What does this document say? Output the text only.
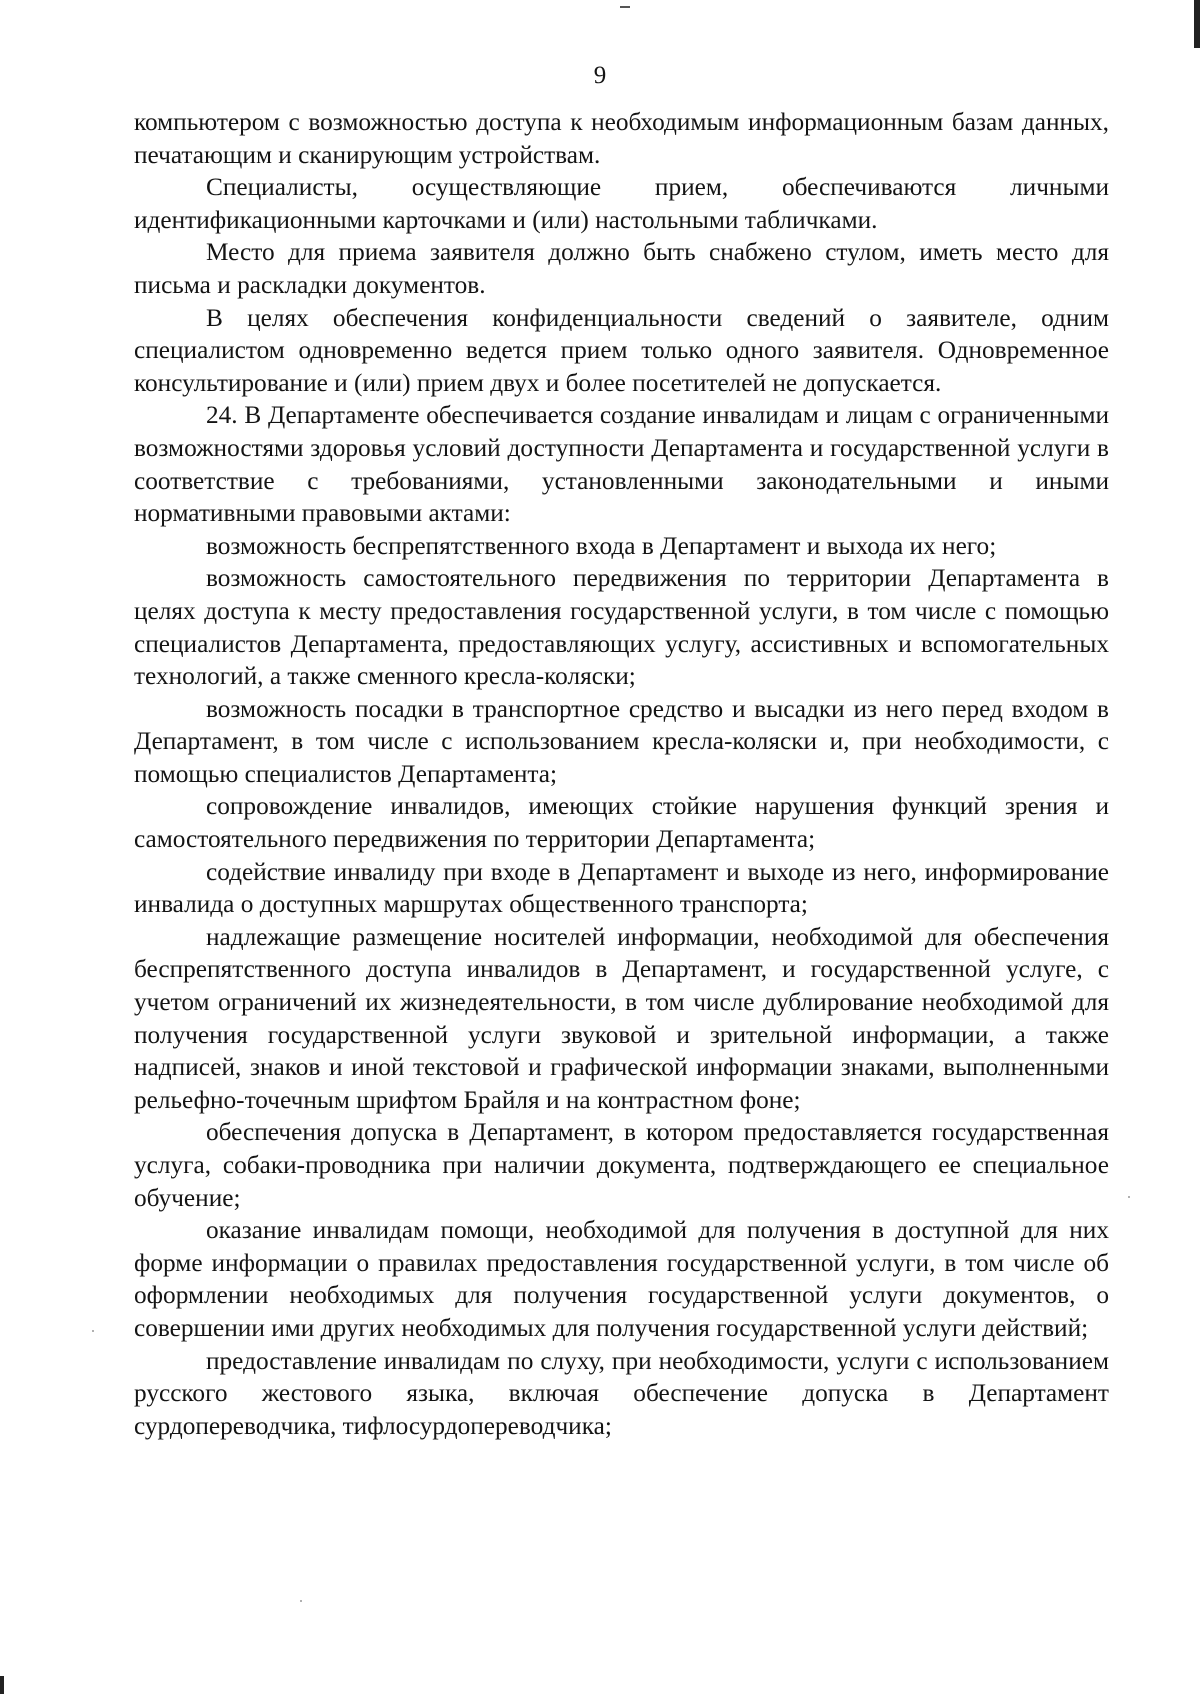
9

компьютером с возможностью доступа к необходимым информационным базам данных, печатающим и сканирующим устройствам.

Специалисты, осуществляющие прием, обеспечиваются личными идентификационными карточками и (или) настольными табличками.

Место для приема заявителя должно быть снабжено стулом, иметь место для письма и раскладки документов.

В целях обеспечения конфиденциальности сведений о заявителе, одним специалистом одновременно ведется прием только одного заявителя. Одновременное консультирование и (или) прием двух и более посетителей не допускается.

24. В Департаменте обеспечивается создание инвалидам и лицам с ограниченными возможностями здоровья условий доступности Департамента и государственной услуги в соответствие с требованиями, установленными законодательными и иными нормативными правовыми актами:

возможность беспрепятственного входа в Департамент и выхода их него;

возможность самостоятельного передвижения по территории Департамента в целях доступа к месту предоставления государственной услуги, в том числе с помощью специалистов Департамента, предоставляющих услугу, ассистивных и вспомогательных технологий, а также сменного кресла-коляски;

возможность посадки в транспортное средство и высадки из него перед входом в Департамент, в том числе с использованием кресла-коляски и, при необходимости, с помощью специалистов Департамента;

сопровождение инвалидов, имеющих стойкие нарушения функций зрения и самостоятельного передвижения по территории Департамента;

содействие инвалиду при входе в Департамент и выходе из него, информирование инвалида о доступных маршрутах общественного транспорта;

надлежащие размещение носителей информации, необходимой для обеспечения беспрепятственного доступа инвалидов в Департамент, и государственной услуге, с учетом ограничений их жизнедеятельности, в том числе дублирование необходимой для получения государственной услуги звуковой и зрительной информации, а также надписей, знаков и иной текстовой и графической информации знаками, выполненными рельефно-точечным шрифтом Брайля и на контрастном фоне;

обеспечения допуска в Департамент, в котором предоставляется государственная услуга, собаки-проводника при наличии документа, подтверждающего ее специальное обучение;

оказание инвалидам помощи, необходимой для получения в доступной для них форме информации о правилах предоставления государственной услуги, в том числе об оформлении необходимых для получения государственной услуги документов, о совершении ими других необходимых для получения государственной услуги действий;

предоставление инвалидам по слуху, при необходимости, услуги с использованием русского жестового языка, включая обеспечение допуска в Департамент сурдопереводчика, тифлосурдопереводчика;
